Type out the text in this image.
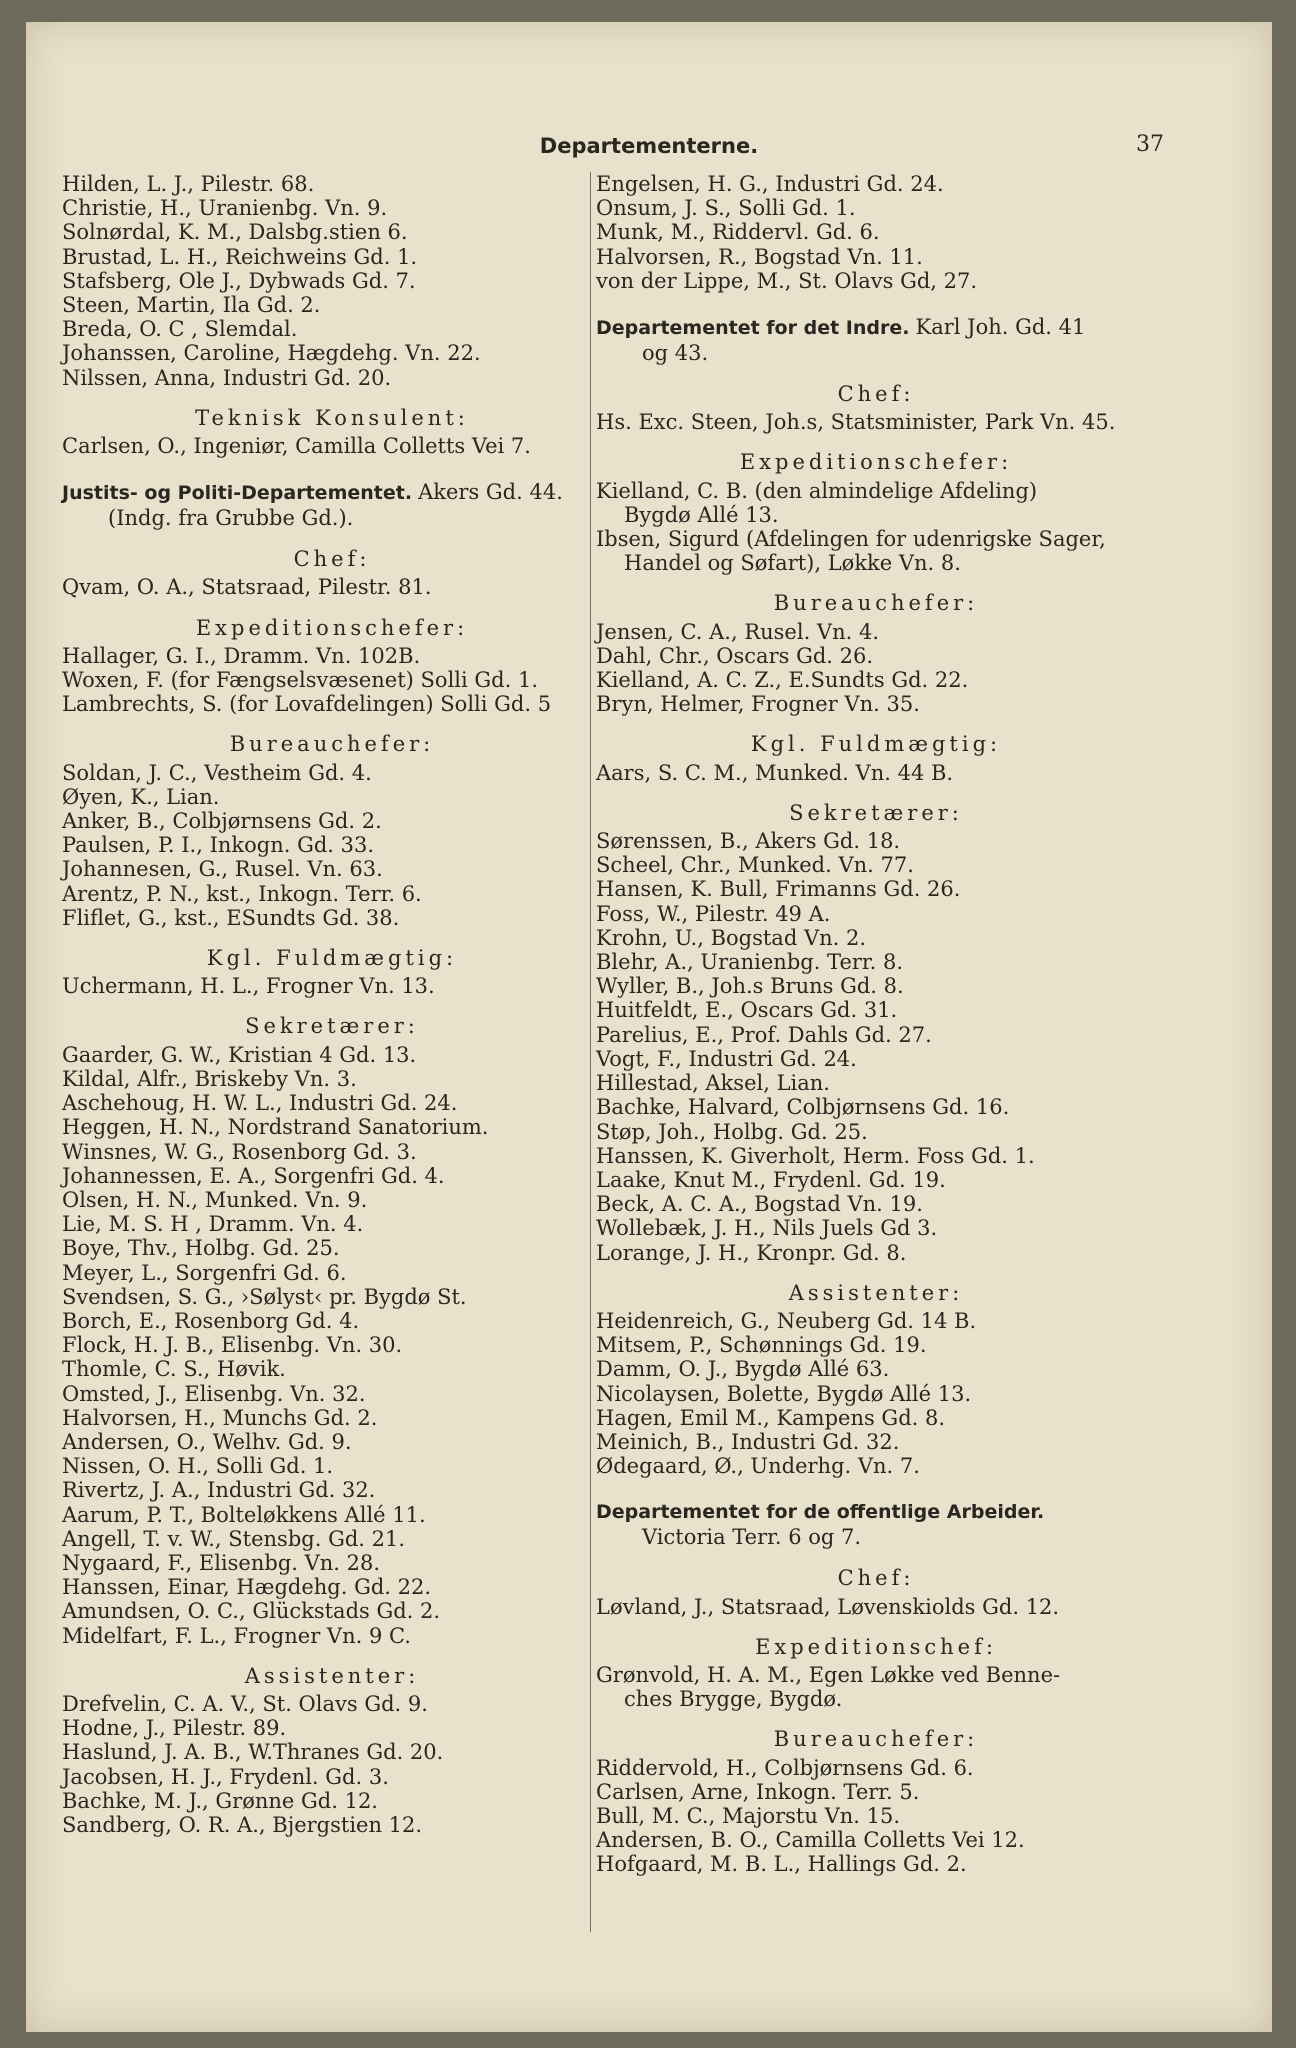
Departementerne.	37
Hilden, L. J., Pilestr. 68.
Christie, H., Uranienbg. Vn. 9.
Solnørdal, K. M., Dalsbg.stien 6.
Brustad, L. H., Reichweins Gd. 1.
Stafsberg, Ole J., Dybwads Gd. 7.
Steen, Martin, Ila Gd. 2.
Breda, O. C , Slemdal.
Johanssen, Caroline, Hægdehg. Vn. 22.
Nilssen, Anna, Industri Gd. 20.
Teknisk Konsulent:
Carlsen, O., Ingeniør, Camilla Colletts Vei 7.
Justits- og Politi-Departementet. Akers Gd. 44.
(Indg. fra Grubbe Gd.).
Chef:
Qvam, O. A., Statsraad, Pilestr. 81.
Expeditionschefer:
Hallager, G. I., Dramm. Vn. 102B.
Woxen, F. (for Fængselsvæsenet) Solli Gd. 1.
Lambrechts, S. (for Lovafdelingen) Solli Gd. 5
Bureauchefer:
Soldan, J. C., Vestheim Gd. 4.
Øyen, K., Lian.
Anker, B., Colbjørnsens Gd. 2.
Paulsen, P. I., Inkogn. Gd. 33.
Johannesen, G., Rusel. Vn. 63.
Arentz, P. N., kst., Inkogn. Terr. 6.
Fliflet, G., kst., ESundts Gd. 38.
Kgl. Fuldmægtig:
Uchermann, H. L., Frogner Vn. 13.
Sekretærer:
Gaarder, G. W., Kristian 4 Gd. 13.
Kildal, Alfr., Briskeby Vn. 3.
Aschehoug, H. W. L., Industri Gd. 24.
Heggen, H. N., Nordstrand Sanatorium.
Winsnes, W. G., Rosenborg Gd. 3.
Johannessen, E. A., Sorgenfri Gd. 4.
Olsen, H. N., Munked. Vn. 9.
Lie, M. S. H , Dramm. Vn. 4.
Boye, Thv., Holbg. Gd. 25.
Meyer, L., Sorgenfri Gd. 6.
Svendsen, S. G., ›Sølyst‹ pr. Bygdø St.
Borch, E., Rosenborg Gd. 4.
Flock, H. J. B., Elisenbg. Vn. 30.
Thomle, C. S., Høvik.
Omsted, J., Elisenbg. Vn. 32.
Halvorsen, H., Munchs Gd. 2.
Andersen, O., Welhv. Gd. 9.
Nissen, O. H., Solli Gd. 1.
Rivertz, J. A., Industri Gd. 32.
Aarum, P. T., Bolteløkkens Allé 11.
Angell, T. v. W., Stensbg. Gd. 21.
Nygaard, F., Elisenbg. Vn. 28.
Hanssen, Einar, Hægdehg. Gd. 22.
Amundsen, O. C., Glückstads Gd. 2.
Midelfart, F. L., Frogner Vn. 9 C.
Assistenter:
Drefvelin, C. A. V., St. Olavs Gd. 9.
Hodne, J., Pilestr. 89.
Haslund, J. A. B., W.Thranes Gd. 20.
Jacobsen, H. J., Frydenl. Gd. 3.
Bachke, M. J., Grønne Gd. 12.
Sandberg, O. R. A., Bjergstien 12.
Engelsen, H. G., Industri Gd. 24.
Onsum, J. S., Solli Gd. 1.
Munk, M., Riddervl. Gd. 6.
Halvorsen, R., Bogstad Vn. 11.
von der Lippe, M., St. Olavs Gd, 27.
Departementet for det Indre. Karl Joh. Gd. 41
og 43.
Chef:
Hs. Exc. Steen, Joh.s, Statsminister, Park Vn. 45.
Expeditionschefer:
Kielland, C. B. (den almindelige Afdeling)
Bygdø Allé 13.
Ibsen, Sigurd (Afdelingen for udenrigske Sager,
Handel og Søfart), Løkke Vn. 8.
Bureauchefer:
Jensen, C. A., Rusel. Vn. 4.
Dahl, Chr., Oscars Gd. 26.
Kielland, A. C. Z., E.Sundts Gd. 22.
Bryn, Helmer, Frogner Vn. 35.
Kgl. Fuldmægtig:
Aars, S. C. M., Munked. Vn. 44 B.
Sekretærer:
Sørenssen, B., Akers Gd. 18.
Scheel, Chr., Munked. Vn. 77.
Hansen, K. Bull, Frimanns Gd. 26.
Foss, W., Pilestr. 49 A.
Krohn, U., Bogstad Vn. 2.
Blehr, A., Uranienbg. Terr. 8.
Wyller, B., Joh.s Bruns Gd. 8.
Huitfeldt, E., Oscars Gd. 31.
Parelius, E., Prof. Dahls Gd. 27.
Vogt, F., Industri Gd. 24.
Hillestad, Aksel, Lian.
Bachke, Halvard, Colbjørnsens Gd. 16.
Støp, Joh., Holbg. Gd. 25.
Hanssen, K. Giverholt, Herm. Foss Gd. 1.
Laake, Knut M., Frydenl. Gd. 19.
Beck, A. C. A., Bogstad Vn. 19.
Wollebæk, J. H., Nils Juels Gd 3.
Lorange, J. H., Kronpr. Gd. 8.
Assistenter:
Heidenreich, G., Neuberg Gd. 14 B.
Mitsem, P., Schønnings Gd. 19.
Damm, O. J., Bygdø Allé 63.
Nicolaysen, Bolette, Bygdø Allé 13.
Hagen, Emil M., Kampens Gd. 8.
Meinich, B., Industri Gd. 32.
Ødegaard, Ø., Underhg. Vn. 7.
Departementet for de offentlige Arbeider.
Victoria Terr. 6 og 7.
Chef:
Løvland, J., Statsraad, Løvenskiolds Gd. 12.
Expeditionschef:
Grønvold, H. A. M., Egen Løkke ved Benne-
ches Brygge, Bygdø.
Bureauchefer:
Riddervold, H., Colbjørnsens Gd. 6.
Carlsen, Arne, Inkogn. Terr. 5.
Bull, M. C., Majorstu Vn. 15.
Andersen, B. O., Camilla Colletts Vei 12.
Hofgaard, M. B. L., Hallings Gd. 2.
